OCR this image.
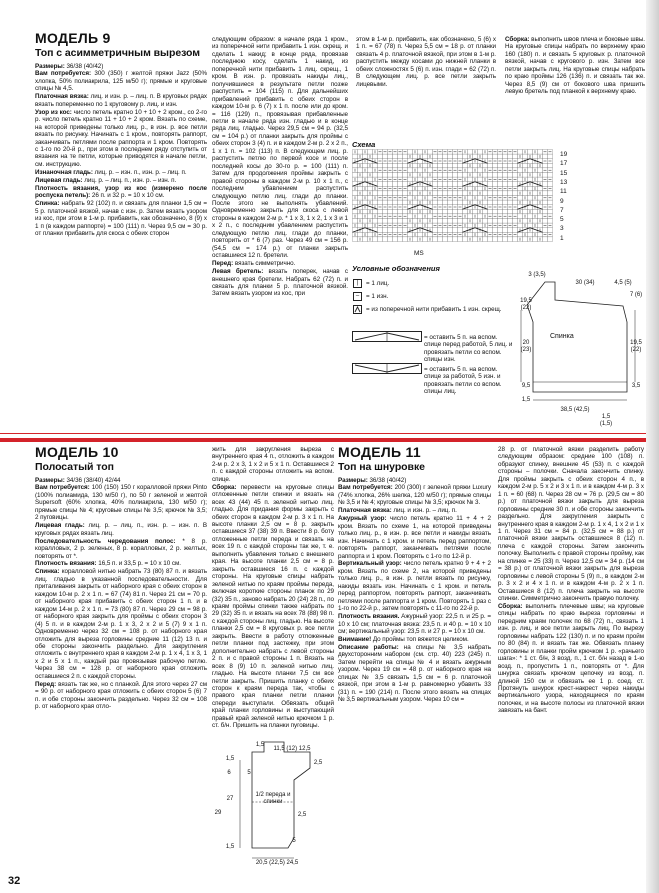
МОДЕЛЬ 9
Топ с асимметричным вырезом

Размеры: 36/38 (40/42)

Вам потребуется: 300 (350) г желтой пряжи Jazz (50% хлопка, 50% полиакрила, 125 м/50 г); прямые и круговые спицы № 4,5.

Платочная вязка: лиц. и изн. р. – лиц. п. В круговых рядах вязать попеременно по 1 круговому р. лиц. и изн.

Узор из кос: число петель кратно 10 + 10 + 2 кром., со 2-го р. число петель кратно 11 + 10 + 2 кром. Вязать по схеме, на которой приведены только лиц. р., в изн. р. все петли вязать по рисунку. Начинать с 1 кром., повторять раппорт, заканчивать петлями после раппорта и 1 кром. Повторять с 1-го по 20-й р., при этом в последнем ряду отступить от вязания на те петли, которые приводятся в начале петли, см. инструкцию.

Изнаночная гладь: лиц. р. – изн. п., изн. р. – лиц. п.

Лицевая гладь: лиц. р. – лиц. п., изн. р. – изн. п.

Плотность вязания, узор из кос (измерено после роспуска петель): 26 п. и 32 р. = 10 х 10 см.

Спинка: набрать 92 (102) п. и связать для планки 1,5 см = 5 р. платочной вязкой, начав с изн. р. Затем вязать узором из кос, при этом в 1-м р. прибавить, как обозначено, 8 (9) х 1 п (в каждом раппорте) = 100 (111) п. Через 9,5 см = 30 р. от планки прибавить для скоса с обеих сторон

следующим образом: в начале ряда 1 кром., из поперечной нити прибавить 1 изн. скрещ. и сделать 1 накид; в конце ряда, провязав последнюю косу, сделать 1 накид, из поперечной нити прибавить 1 лиц. скрещ., 1 кром. В изн. р. провязать накиды лиц., получившиеся в результате петли позже распустить = 104 (115) п. Для дальнейших прибавлений прибавить с обеих сторон в каждом 10-м р. 6 (7) х 1 п. после или до кром. = 116 (129) п., провязывая прибавленные петли в начале ряда изн. гладью и в конце ряда лиц. гладью. Через 29,5 см = 94 р. (32,5 см = 104 р.) от планки закрыть для проймы с обеих сторон 3 (4) п. и в каждом 2-м р. 2 х 2 п., 1 х 1 п. = 102 (113) п. В следующем лиц. р. распустить петлю по первой косе и после последней косы до 30-го р. = 100 (111) п. Затем для продолжения проймы закрыть с правой стороны в каждом 2-м р. 10 х 1 п., с последним убавлением распустить следующую петлю лиц. глади до планки. После этого не выполнять убавлений. Одновременно закрыть для скоса с левой стороны в каждом 2-м р. * 1 х 3, 1 х 2, 1 х 3 и 1 х 2 п., с последним убавлением распустить следующую петлю лиц. глади до планки, повторить от * 6 (7) раз. Через 49 см = 156 р. (54,5 см = 174 р.) от планки закрыть оставшиеся 12 п. бретели.

Перед: вязать симметрично.

Левая бретель: вязать поперек, начав с внешнего края бретели. Набрать 62 (72) п. и связать для планки 5 р. платочной вязкой. Затем вязать узором из кос, при

этом в 1-м р. прибавить, как обозначено, 5 (6) х 1 п. = 67 (78) п. Через 5,5 см = 18 р. от планки связать 4 р. платочной вязкой, при этом в 1-м р. распустить между косами до нижней планки в обеих сложностях 5 (6) п. изн. глади = 62 (72) п. В следующем лиц. р. все петли закрыть лицевыми.

Сборка: выполнить швов плеча и боковые швы. На круговые спицы набрать по верхнему краю 160 (180) п. и связать 5 круговых р. платочной вязкой, начав с кругового р. изн. Затем все петли закрыть лиц. На круговые спицы набрать по краю проймы 126 (136) п. и связать так же. Через 8,5 (9) см от бокового шва пришить левую бретель под планкой к верхнему краю.

Схема
19
17
15
13
11
9
7
5
3
1
MS
Условные обозначения
|	= 1 лиц.
–	= 1 изн.
= из поперечной нити прибавить 1 изн. скрещ.
= оставить 5 п. на вспом. спице перед работой, 5 лиц. и провязать петли со вспом. спицы изн.
= оставить 5 п. на вспом. спице за работой, 5 изн. и провязать петли со вспом. спицы лиц.
Спинка
3 (3,5)
30 (34)	4,5 (5)
7 (6)
19,5 (22)
20 (23)
9,5
1,5
38,5 (42,5)
19,5 (22)
3,5
1,5 (1,5)
МОДЕЛЬ 10
Полосатый топ

Размеры: 34/36 (38/40) 42/44

Вам потребуется: 100 (150) 150 г коралловой пряжи Pinto (100% полиамида, 130 м/50 г), по 50 г зеленой и желтой Supersoft (60% хлопка, 40% полиакрила, 130 м/50 г); прямые спицы № 4; круговые спицы № 3,5; крючок № 3,5; 2 пуговицы.

Лицевая гладь: лиц. р. – лиц. п., изн. р. – изн. п. В круговых рядах вязать лиц.

Последовательность чередования полос: * 8 р. коралловых, 2 р. зеленых, 8 р. коралловых, 2 р. желтых, повторять от *.

Плотность вязания: 16,5 п. и 33,5 р. = 10 х 10 см.

Спинка: коралловой нитью набрать 73 (80) 87 п. и вязать лиц. гладью в указанной последовательности. Для приталивания закрыть от наборного края с обеих сторон в каждом 10-м р. 2 х 1 п. = 67 (74) 81 п. Через 21 см = 70 р. от наборного края прибавить с обеих сторон 1 п. и в каждом 14-м р. 2 х 1 п. = 73 (80) 87 п. Через 29 см = 98 р. от наборного края закрыть для проймы с обеих сторон 3 (4) 5 п. и в каждом 2-м р. 1 х 3, 2 х 2 и 5 (7) 9 х 1 п. Одновременно через 32 см = 108 р. от наборного края отложить для выреза горловины средние 11 (12) 13 п. и обе стороны закончить раздельно. Для закругления отложить с внутреннего края в каждом 2-м р. 1 х 4, 1 х 3, 1 х 2 и 5 х 1 п., каждый раз провязывая рабочую петлю. Через 38 см = 128 р. от наборного края отложить оставшиеся 2 п. с каждой стороны.

Перед: вязать так же, но с планкой. Для этого через 27 см = 90 р. от наборного края отложить с обеих сторон 5 (6) 7 п. и обе стороны закончить раздельно. Через 32 см = 108 р. от наборного края отло-

жить для закругления выреза с внутреннего края 4 п., отложить в каждом 2-м р. 2 х 3, 1 х 2 и 5 х 1 п. Оставшиеся 2 п. с каждой стороны отложить на вспом. спице.

Сборка: перевести на круговые спицы отложенные петли спинки и вязать на всех 43 (44) 45 п. зеленой нитью лиц. гладью. Для придания формы закрыть с обеих сторон в каждом 2-м р. 3 х 1 п. На высоте планки 2,5 см = 8 р. закрыть оставшиеся 37 (38) 39 п. Ввести 8 р. боту отложенные петли переда и связать на всех 19 п. с каждой стороны так же, т. е. выполнить убавления только с внешнего края. На высоте планки 2,5 см = 8 р. закрыть оставшиеся 16 п. с каждой стороны. На круговые спицы набрать зеленой нитью по краям проймы переда, включая короткие стороны планок по 29 (32) 35 п., заново набрать 20 (24) 28 п., по краям проймы спинки также набрать по 29 (32) 35 п. и вязать на всех 78 (88) 98 п. с каждой стороны лиц. гладью. На высоте планки 2,5 см = 8 круговых р. все петли закрыть. Ввести в работу отложенные петли планки под застежку, при этом дополнительно набрать с левой стороны 2 п. и с правой стороны 1 п. Вязать на всех 8 (9) 10 п. зеленой нитью лиц. гладью. На высоте планки 7,5 см все петли закрыть. Пришить планку с обеих сторон к краям переда так, чтобы с правого края планки петли планки спереди выступали. Обвязать общий край планки горловины и выступающий правый край зеленой нитью крючком 1 р. ст. б/н. Пришить на планки пуговицы.

1/2 переда и спинки
1,5
11,5 (12) 12,5
2,5
1,5
6	5
27
29	2,5
20,5 (22,5) 24,5
5
1,5
МОДЕЛЬ 11
Топ на шнуровке

Размеры: 36/38 (40/42)

Вам потребуется: 200 (300) г зеленой пряжи Luxury (74% хлопка, 26% шелка, 120 м/50 г); прямые спицы № 3,5 и № 4; круговые спицы № 3,5; крючок № 3.

Платочная вязка: лиц. и изн. р. – лиц. п.

Ажурный узор: число петель кратно 11 + 4 + 2 кром. Вязать по схеме 1, на которой приведены только лиц. р., в изн. р. все петли и накиды вязать изн. Начинать с 1 кром. и петель перед раппортом, повторять раппорт, заканчивать петлями после раппорта и 1 кром. Повторять с 1-го по 12-й р.

Вертикальный узор: число петель кратно 9 + 4 + 2 кром. Вязать по схеме 2, на которой приведены только лиц. р., в изн. р. петли вязать по рисунку, накиды вязать изн. Начинать с 1 кром. и петель перед раппортом, повторять раппорт, заканчивать петлями после раппорта и 1 кром. Повторять 1 раз с 1-го по 22-й р., затем повторять с 11-го по 22-й р.

Плотность вязания. Ажурный узор: 22,5 п. и 25 р. = 10 х 10 см; платочная вязка: 23,5 п. и 40 р. = 10 х 10 см; вертикальный узор: 23,5 п. и 27 р. = 10 х 10 см.

Внимание! До проймы топ вяжется целиком.

Описание работы: на спицы № 3,5 набрать двухсторонним набором (см. стр. 40) 223 (245) п. Затем перейти на спицы № 4 и вязать ажурным узором. Через 19 см = 48 р. от наборного края на спицах № 3,5 связать 1,5 см = 6 р. платочной вязкой, при этом в 1-м р. равномерно убавить 33 (31) п. = 190 (214) п. После этого вязать на спицах № 3,5 вертикальным узором. Через 10 см =

28 р. от платочной вязки разделить работу следующим образом: средние 100 (108) п. образуют спинку, внешние 45 (53) п. с каждой стороны – полочки. Сначала закончить спинку. Для проймы закрыть с обеих сторон 4 п., в каждом 2-м р. 5 х 2 и 3 х 1 п. и в каждом 4-м р. 3 х 1 п. = 60 (68) п. Через 28 см = 76 р. (29,5 см = 80 р.) от платочной вязки закрыть для выреза горловины средние 30 п. и обе стороны закончить раздельно. Для закругления закрыть с внутреннего края в каждом 2-м р. 1 х 4, 1 х 2 и 1 х 1 п. Через 31 см = 84 р. (32,5 см = 88 р.) от платочной вязки закрыть оставшиеся 8 (12) п. плеча с каждой стороны. Затем закончить полочку. Выполнить с правой стороны пройму, как на спинке = 25 (33) п. Через 12,5 см = 34 р. (14 см = 38 р.) от платочной вязки закрыть для выреза горловины с левой стороны 5 (9) п., в каждом 2-м р. 3 х 2 и 4 х 1 п. и в каждом 4-м р. 2 х 1 п. Оставшиеся 8 (12) п. плеча закрыть на высоте спинки. Симметрично закончить правую полочку.

Сборка: выполнить плечевые швы; на круговые спицы набрать по краю выреза горловины и передним краям полочек по 68 (72) п., связать 1 изн. р. лиц. и все петли закрыть лиц. По вырезу горловины набрать 122 (130) п. и по краям пройм по 80 (84) п. и вязать так же. Обвязать планку горловины и планки пройм крючком 1 р. «рачьего шага»: * 1 ст. б/н, 3 возд. п., 1 ст. б/н назад в 1-ю возд. п., пропустить 1 п., повторять от *. Для шнурка связать крючком цепочку из возд. п. длиной 150 см и обвязать ее 1 р. сoед. ст. Протянуть шнурок крест-накрест через накиды вертикального узора, находящиеся по краям полочек, и на высоте полосы из платочной вязки завязать на бант.

32
